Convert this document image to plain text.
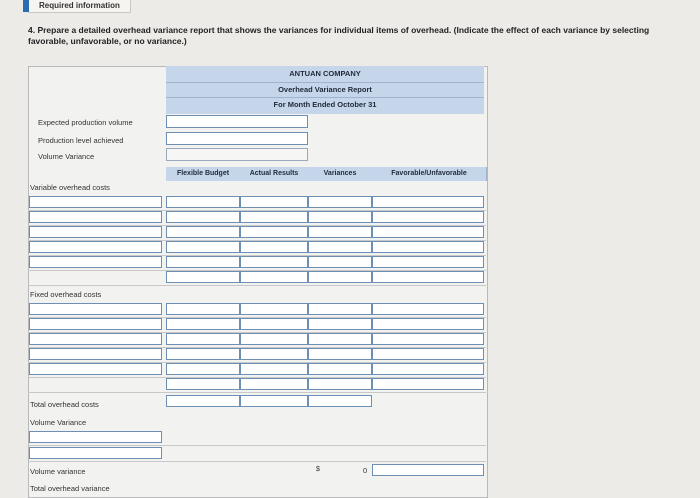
Required information
4. Prepare a detailed overhead variance report that shows the variances for individual items of overhead. (Indicate the effect of each variance by selecting favorable, unfavorable, or no variance.)
ANTUAN COMPANY
Overhead Variance Report
For Month Ended October 31
Expected production volume
Production level achieved
Volume Variance
Flexible Budget	Actual Results	Variances	Favorable/Unfavorable
Variable overhead costs
Fixed overhead costs
Total overhead costs
Volume Variance
Volume variance	$	0
Total overhead variance
